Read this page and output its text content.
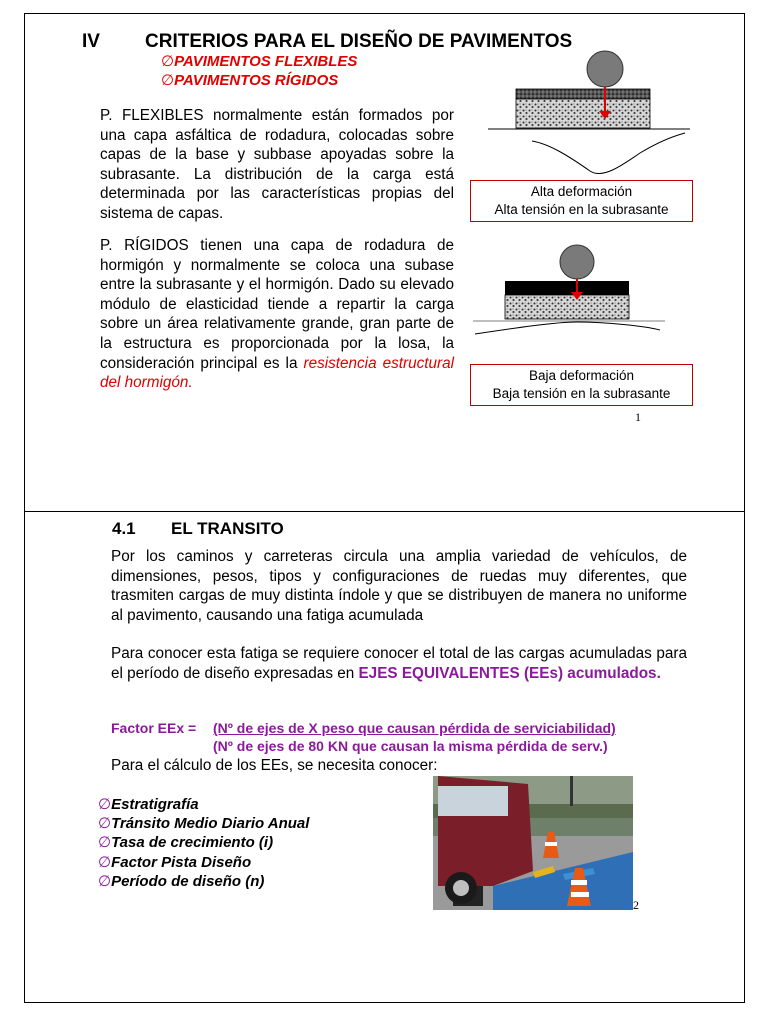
IV CRITERIOS PARA EL DISEÑO DE PAVIMENTOS
∅PAVIMENTOS FLEXIBLES
∅PAVIMENTOS RÍGIDOS
P. FLEXIBLES normalmente están formados por una capa asfáltica de rodadura, colocadas sobre capas de la base y subbase apoyadas sobre la subrasante. La distribución de la carga está determinada por las características propias del sistema de capas.
P. RÍGIDOS tienen una capa de rodadura de hormigón y normalmente se coloca una subase entre la subrasante y el hormigón. Dado su elevado módulo de elasticidad tiende a repartir la carga sobre un área relativamente grande, gran parte de la estructura es proporcionada por la losa, la consideración principal es la resistencia estructural del hormigón.
Alta deformación
Alta tensión en la subrasante
Baja deformación
Baja tensión en la subrasante
1
4.1 EL TRANSITO
Por los caminos y carreteras circula una amplia variedad de vehículos, de dimensiones, pesos, tipos y configuraciones de ruedas muy diferentes, que trasmiten cargas de muy distinta índole y que se distribuyen de manera no uniforme al pavimento, causando una fatiga acumulada
Para conocer esta fatiga se requiere conocer el total de las cargas acumuladas para el período de diseño expresadas en EJES EQUIVALENTES (EEs) acumulados.
Factor EEx = (Nº de ejes de X peso que causan pérdida de serviciabilidad)
(Nº de ejes de 80 KN que causan la misma pérdida de serv.)
Para el cálculo de los EEs, se necesita conocer:
∅Estratigrafía
∅Tránsito Medio Diario Anual
∅Tasa de crecimiento (i)
∅Factor Pista Diseño
∅Período de diseño (n)
2
